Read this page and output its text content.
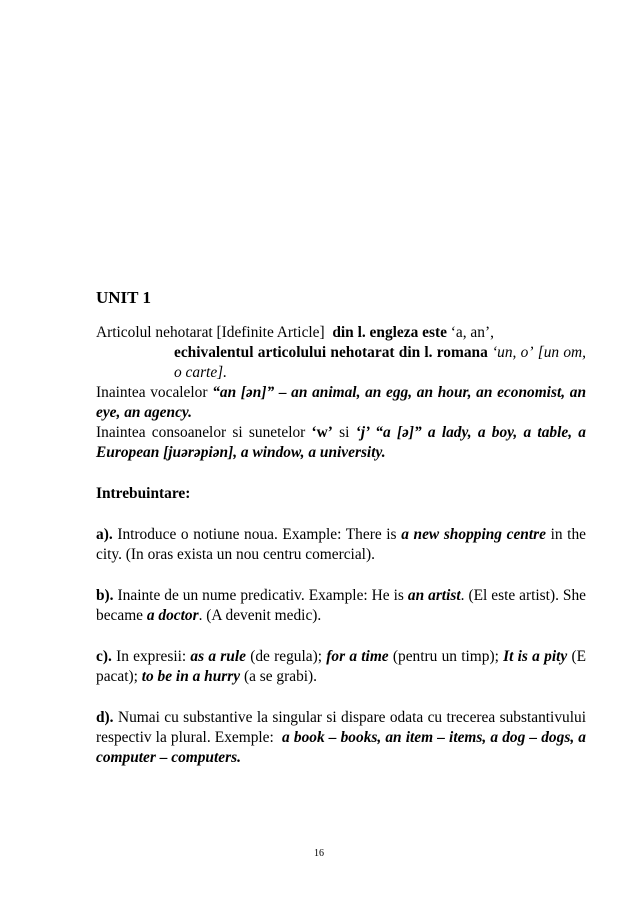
UNIT 1

Articolul nehotarat [Idefinite Article] din l. engleza este ‘a, an’,

echivalentul articolului nehotarat din l. romana ‘un, o’ [un om, o carte].

Inaintea vocalelor “an [ən]” – an animal, an egg, an hour, an economist, an eye, an agency.

Inaintea consoanelor si sunetelor ‘w’ si ‘j’ “a [ə]” a lady, a boy, a table, a European [juərəpiən], a window, a university.

Intrebuintare:

a). Introduce o notiune noua. Example: There is a new shopping centre in the city. (In oras exista un nou centru comercial).

b). Inainte de un nume predicativ. Example: He is an artist. (El este artist). She became a doctor. (A devenit medic).

c). In expresii: as a rule (de regula); for a time (pentru un timp); It is a pity (E pacat); to be in a hurry (a se grabi).

d). Numai cu substantive la singular si dispare odata cu trecerea substantivului respectiv la plural. Exemple: a book – books, an item – items, a dog – dogs, a computer – computers.

16
